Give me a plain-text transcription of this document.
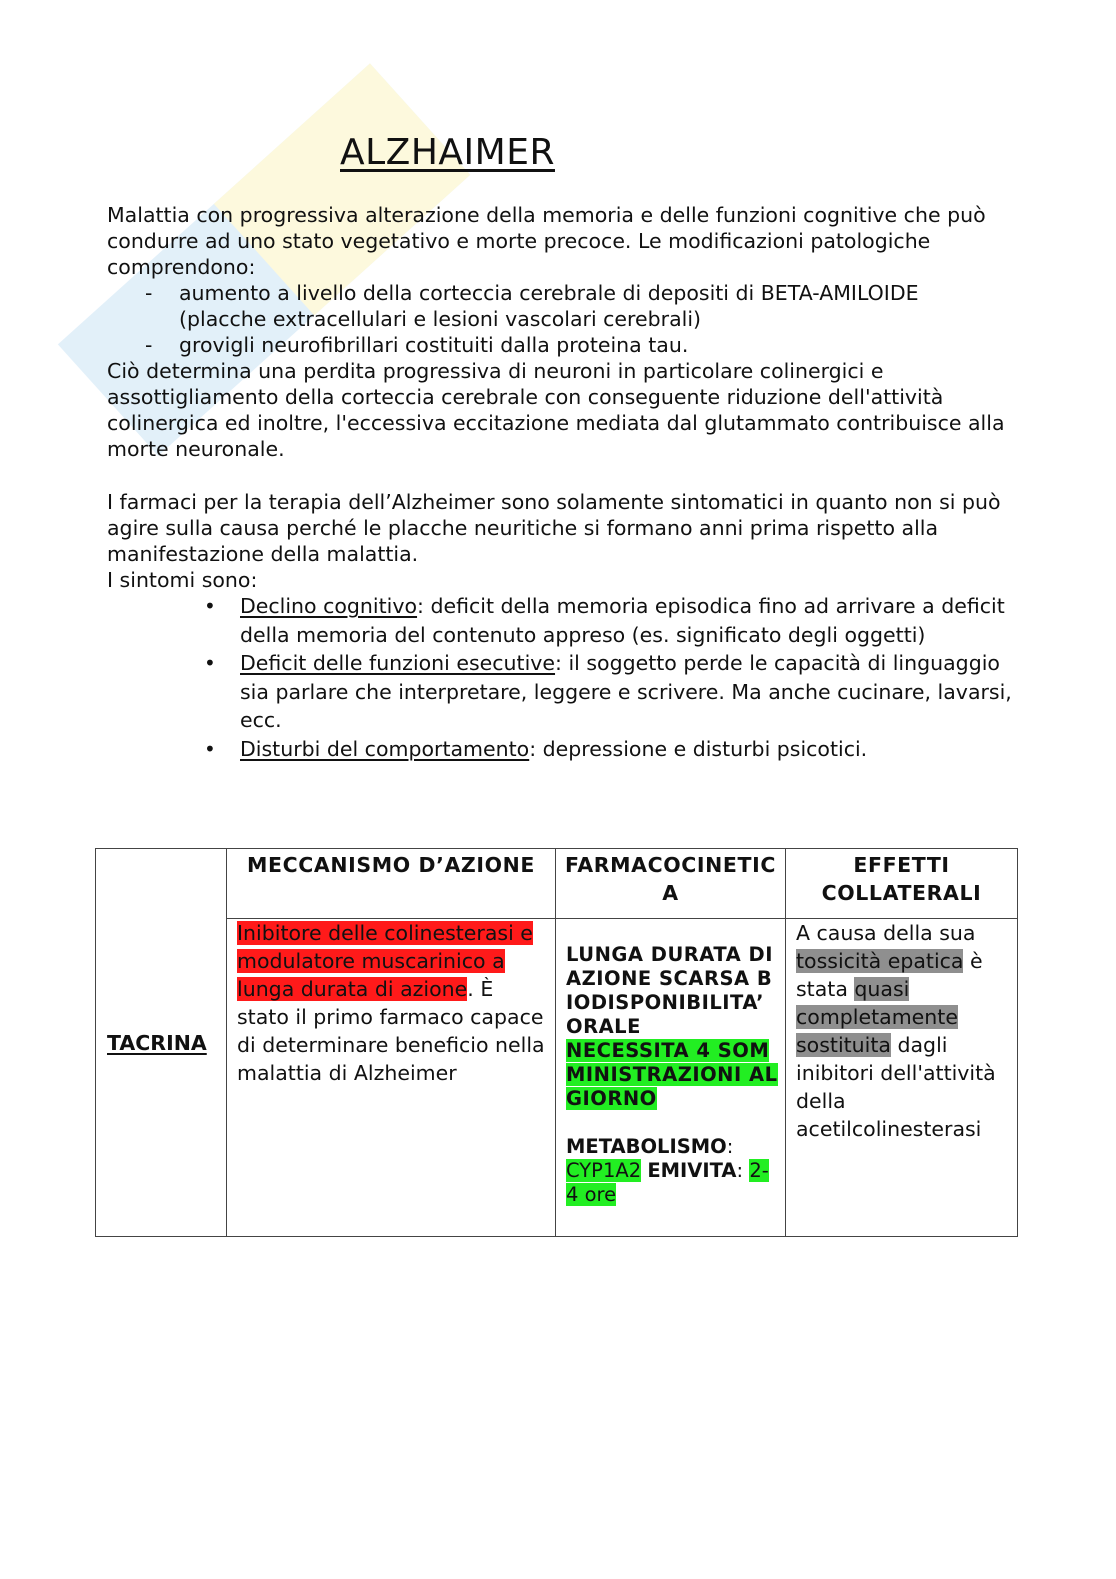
ALZHAIMER

Malattia con progressiva alterazione della memoria e delle funzioni cognitive che può condurre ad uno stato vegetativo e morte precoce. Le modificazioni patologiche comprendono:

- aumento a livello della corteccia cerebrale di depositi di BETA-AMILOIDE (placche extracellulari e lesioni vascolari cerebrali)
- grovigli neurofibrillari costituiti dalla proteina tau.

Ciò determina una perdita progressiva di neuroni in particolare colinergici e assottigliamento della corteccia cerebrale con conseguente riduzione dell'attività colinergica ed inoltre, l'eccessiva eccitazione mediata dal glutammato contribuisce alla morte neuronale.

I farmaci per la terapia dell’Alzheimer sono solamente sintomatici in quanto non si può agire sulla causa perché le placche neuritiche si formano anni prima rispetto alla manifestazione della malattia.

I sintomi sono:

• Declino cognitivo: deficit della memoria episodica fino ad arrivare a deficit della memoria del contenuto appreso (es. significato degli oggetti)
• Deficit delle funzioni esecutive: il soggetto perde le capacità di linguaggio sia parlare che interpretare, leggere e scrivere. Ma anche cucinare, lavarsi, ecc.
• Disturbi del comportamento: depressione e disturbi psicotici.
TACRINA	MECCANISMO D’AZIONE	FARMACOCINETICA	EFFETTI COLLATERALI
	Inibitore delle colinesterasi e modulatore muscarinico a lunga durata di azione. È stato il primo farmaco capace di determinare beneficio nella malattia di Alzheimer	LUNGA DURATA DI AZIONE SCARSA BIODISPONIBILITA’ ORALE
NECESSITA 4 SOMMINISTRAZIONI AL GIORNO
METABOLISMO: CYP1A2 EMIVITA: 2-4 ore	A causa della sua tossicità epatica è stata quasi completamente sostituita dagli inibitori dell'attività della acetilcolinesterasi
